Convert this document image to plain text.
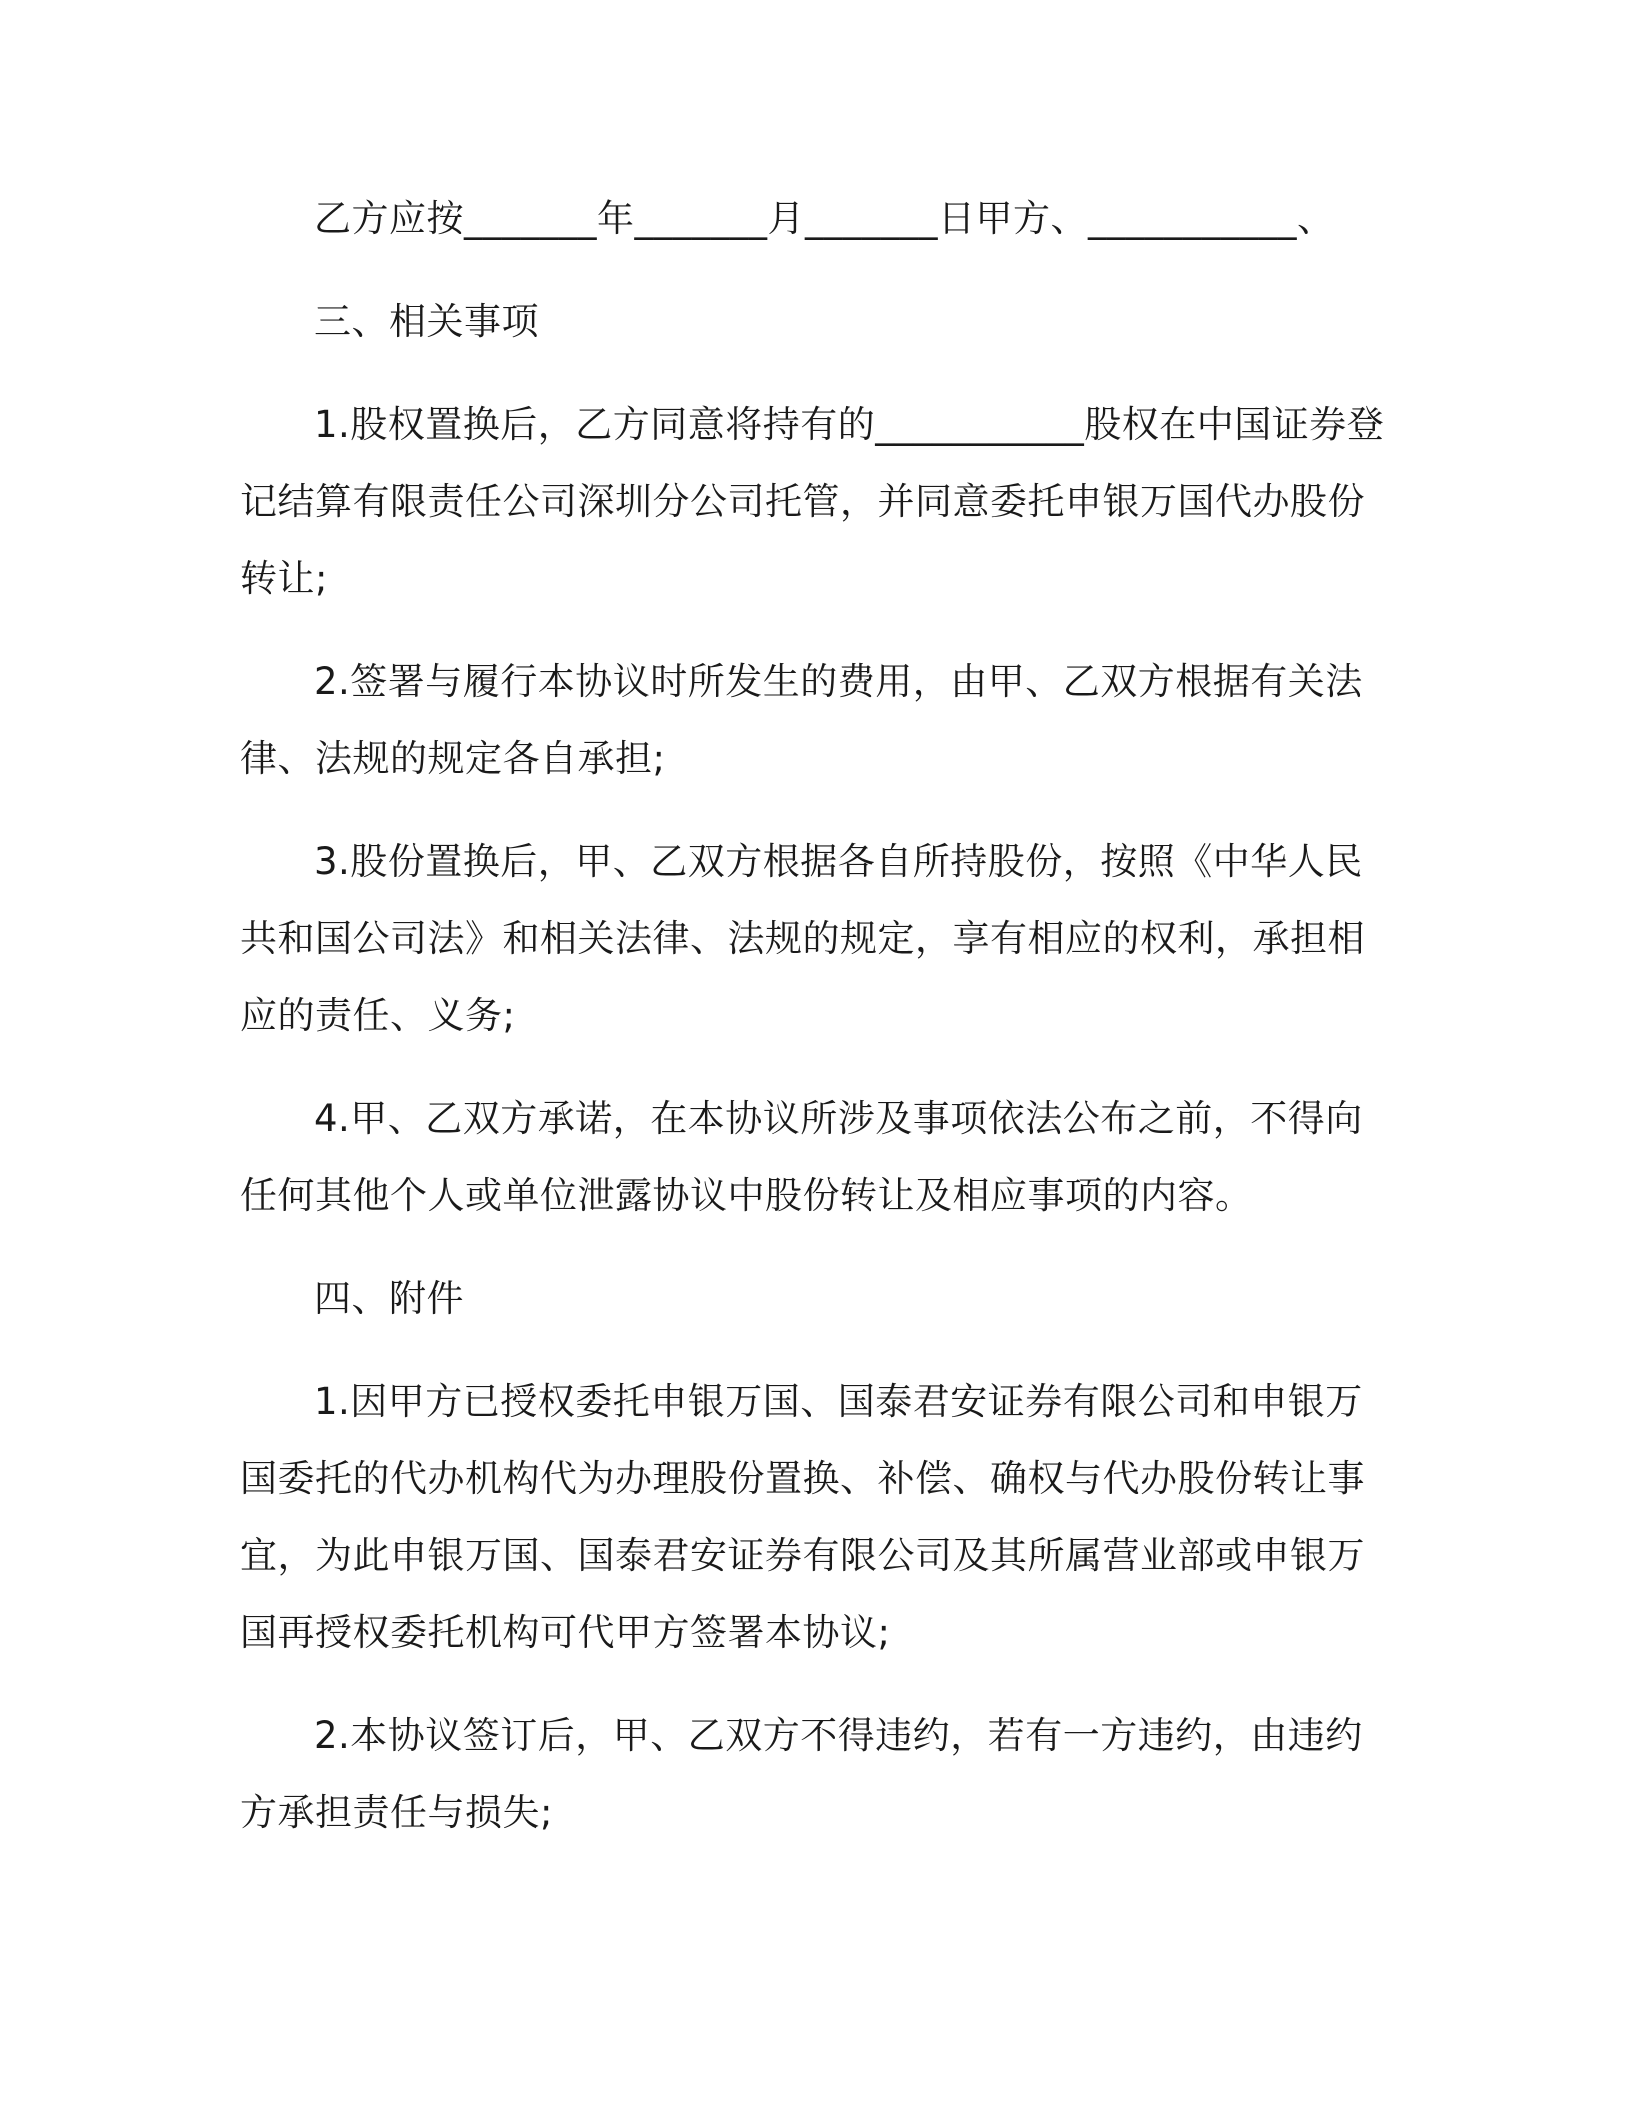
乙方应按_______年_______月_______日甲方、___________、

三、相关事项

1.股权置换后，乙方同意将持有的___________股权在中国证券登记结算有限责任公司深圳分公司托管，并同意委托申银万国代办股份转让;

2.签署与履行本协议时所发生的费用，由甲、乙双方根据有关法律、法规的规定各自承担;

3.股份置换后，甲、乙双方根据各自所持股份，按照《中华人民共和国公司法》和相关法律、法规的规定，享有相应的权利，承担相应的责任、义务;

4.甲、乙双方承诺，在本协议所涉及事项依法公布之前，不得向任何其他个人或单位泄露协议中股份转让及相应事项的内容。

四、附件

1.因甲方已授权委托申银万国、国泰君安证券有限公司和申银万国委托的代办机构代为办理股份置换、补偿、确权与代办股份转让事宜，为此申银万国、国泰君安证券有限公司及其所属营业部或申银万国再授权委托机构可代甲方签署本协议;

2.本协议签订后，甲、乙双方不得违约，若有一方违约，由违约方承担责任与损失;
